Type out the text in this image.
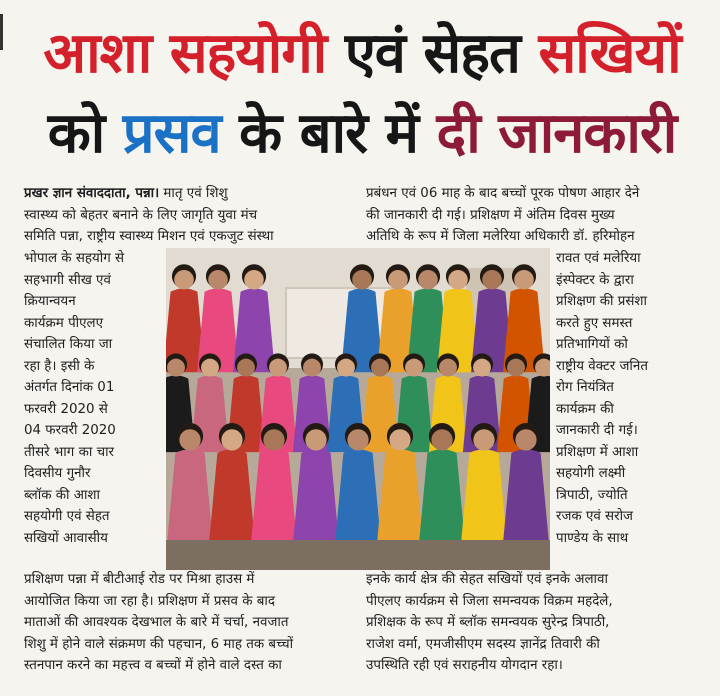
आशा सहयोगी एवं सेहत सखियों
को प्रसव के बारे में दी जानकारी

प्रखर ज्ञान संवाददाता, पन्ना। मातृ एवं शिशु

स्वास्थ्य को बेहतर बनाने के लिए जागृति युवा मंच

समिति पन्ना, राष्ट्रीय स्वास्थ्य मिशन एवं एकजुट संस्था

भोपाल के सहयोग से

सहभागी सीख एवं

क्रियान्वयन

कार्यक्रम पीएलए

संचालित किया जा

रहा है। इसी के

अंतर्गत दिनांक 01

फरवरी 2020 से

04 फरवरी 2020

तीसरे भाग का चार

दिवसीय गुनौर

ब्लॉक की आशा

सहयोगी एवं सेहत

सखियों आवासीय

प्रशिक्षण पन्ना में बीटीआई रोड पर मिश्रा हाउस में

आयोजित किया जा रहा है। प्रशिक्षण में प्रसव के बाद

माताओं की आवश्यक देखभाल के बारे में चर्चा, नवजात

शिशु में होने वाले संक्रमण की पहचान, 6 माह तक बच्चों

स्तनपान करने का महत्त्व व बच्चों में होने वाले दस्त का

प्रबंधन एवं 06 माह के बाद बच्चों पूरक पोषण आहार देने

की जानकारी दी गई। प्रशिक्षण में अंतिम दिवस मुख्य

अतिथि के रूप में जिला मलेरिया अधिकारी डॉ. हरिमोहन

रावत एवं मलेरिया

इंस्पेक्टर के द्वारा

प्रशिक्षण की प्रसंशा

करते हुए समस्त

प्रतिभागियों को

राष्ट्रीय वेक्टर जनित

रोग नियंत्रित

कार्यक्रम की

जानकारी दी गई।

प्रशिक्षण में आशा

सहयोगी लक्ष्मी

त्रिपाठी, ज्योति

रजक एवं सरोज

पाण्डेय के साथ

इनके कार्य क्षेत्र की सेहत सखियों एवं इनके अलावा

पीएलए कार्यक्रम से जिला समन्वयक विक्रम महदेले,

प्रशिक्षक के रूप में ब्लॉक समन्वयक सुरेन्द्र त्रिपाठी,

राजेश वर्मा, एमजीसीएम सदस्य ज्ञानेंद्र तिवारी की

उपस्थिति रही एवं सराहनीय योगदान रहा।
